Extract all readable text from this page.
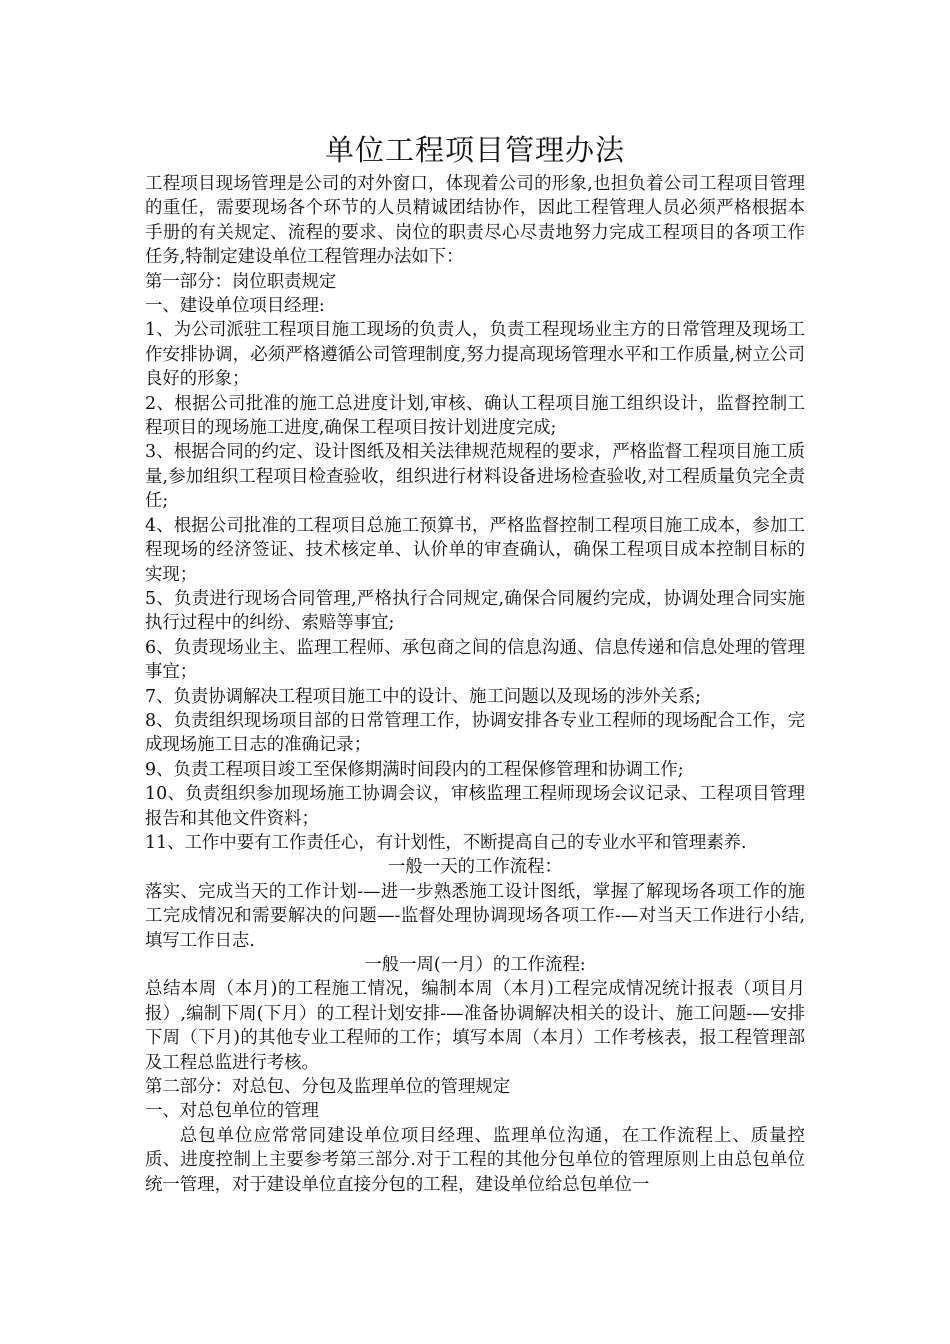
单位工程项目管理办法

工程项目现场管理是公司的对外窗口，体现着公司的形象,也担负着公司工程项目管理的重任，需要现场各个环节的人员精诚团结协作，因此工程管理人员必须严格根据本手册的有关规定、流程的要求、岗位的职责尽心尽责地努力完成工程项目的各项工作任务,特制定建设单位工程管理办法如下：

第一部分：岗位职责规定

一、建设单位项目经理:

1、为公司派驻工程项目施工现场的负责人，负责工程现场业主方的日常管理及现场工作安排协调，必须严格遵循公司管理制度,努力提高现场管理水平和工作质量,树立公司良好的形象；

2、根据公司批准的施工总进度计划,审核、确认工程项目施工组织设计，监督控制工程项目的现场施工进度,确保工程项目按计划进度完成;

3、根据合同的约定、设计图纸及相关法律规范规程的要求，严格监督工程项目施工质量,参加组织工程项目检查验收，组织进行材料设备进场检查验收,对工程质量负完全责任;

4、根据公司批准的工程项目总施工预算书，严格监督控制工程项目施工成本，参加工程现场的经济签证、技术核定单、认价单的审查确认，确保工程项目成本控制目标的实现；

5、负责进行现场合同管理,严格执行合同规定,确保合同履约完成，协调处理合同实施执行过程中的纠纷、索赔等事宜;

6、负责现场业主、监理工程师、承包商之间的信息沟通、信息传递和信息处理的管理事宜；

7、负责协调解决工程项目施工中的设计、施工问题以及现场的涉外关系;

8、负责组织现场项目部的日常管理工作，协调安排各专业工程师的现场配合工作，完成现场施工日志的准确记录；

9、负责工程项目竣工至保修期满时间段内的工程保修管理和协调工作;

10、负责组织参加现场施工协调会议，审核监理工程师现场会议记录、工程项目管理报告和其他文件资料；

11、工作中要有工作责任心，有计划性，不断提高自己的专业水平和管理素养.

一般一天的工作流程：

落实、完成当天的工作计划-—进一步熟悉施工设计图纸，掌握了解现场各项工作的施工完成情况和需要解决的问题—-监督处理协调现场各项工作-—对当天工作进行小结,填写工作日志.

一般一周(一月）的工作流程:

总结本周（本月)的工程施工情况，编制本周（本月)工程完成情况统计报表（项目月报）,编制下周(下月）的工程计划安排-—准备协调解决相关的设计、施工问题-—安排下周（下月)的其他专业工程师的工作；填写本周（本月）工作考核表，报工程管理部及工程总监进行考核。

第二部分：对总包、分包及监理单位的管理规定

一、对总包单位的管理

总包单位应常常同建设单位项目经理、监理单位沟通，在工作流程上、质量控质、进度控制上主要参考第三部分.对于工程的其他分包单位的管理原则上由总包单位统一管理，对于建设单位直接分包的工程，建设单位给总包单位一
